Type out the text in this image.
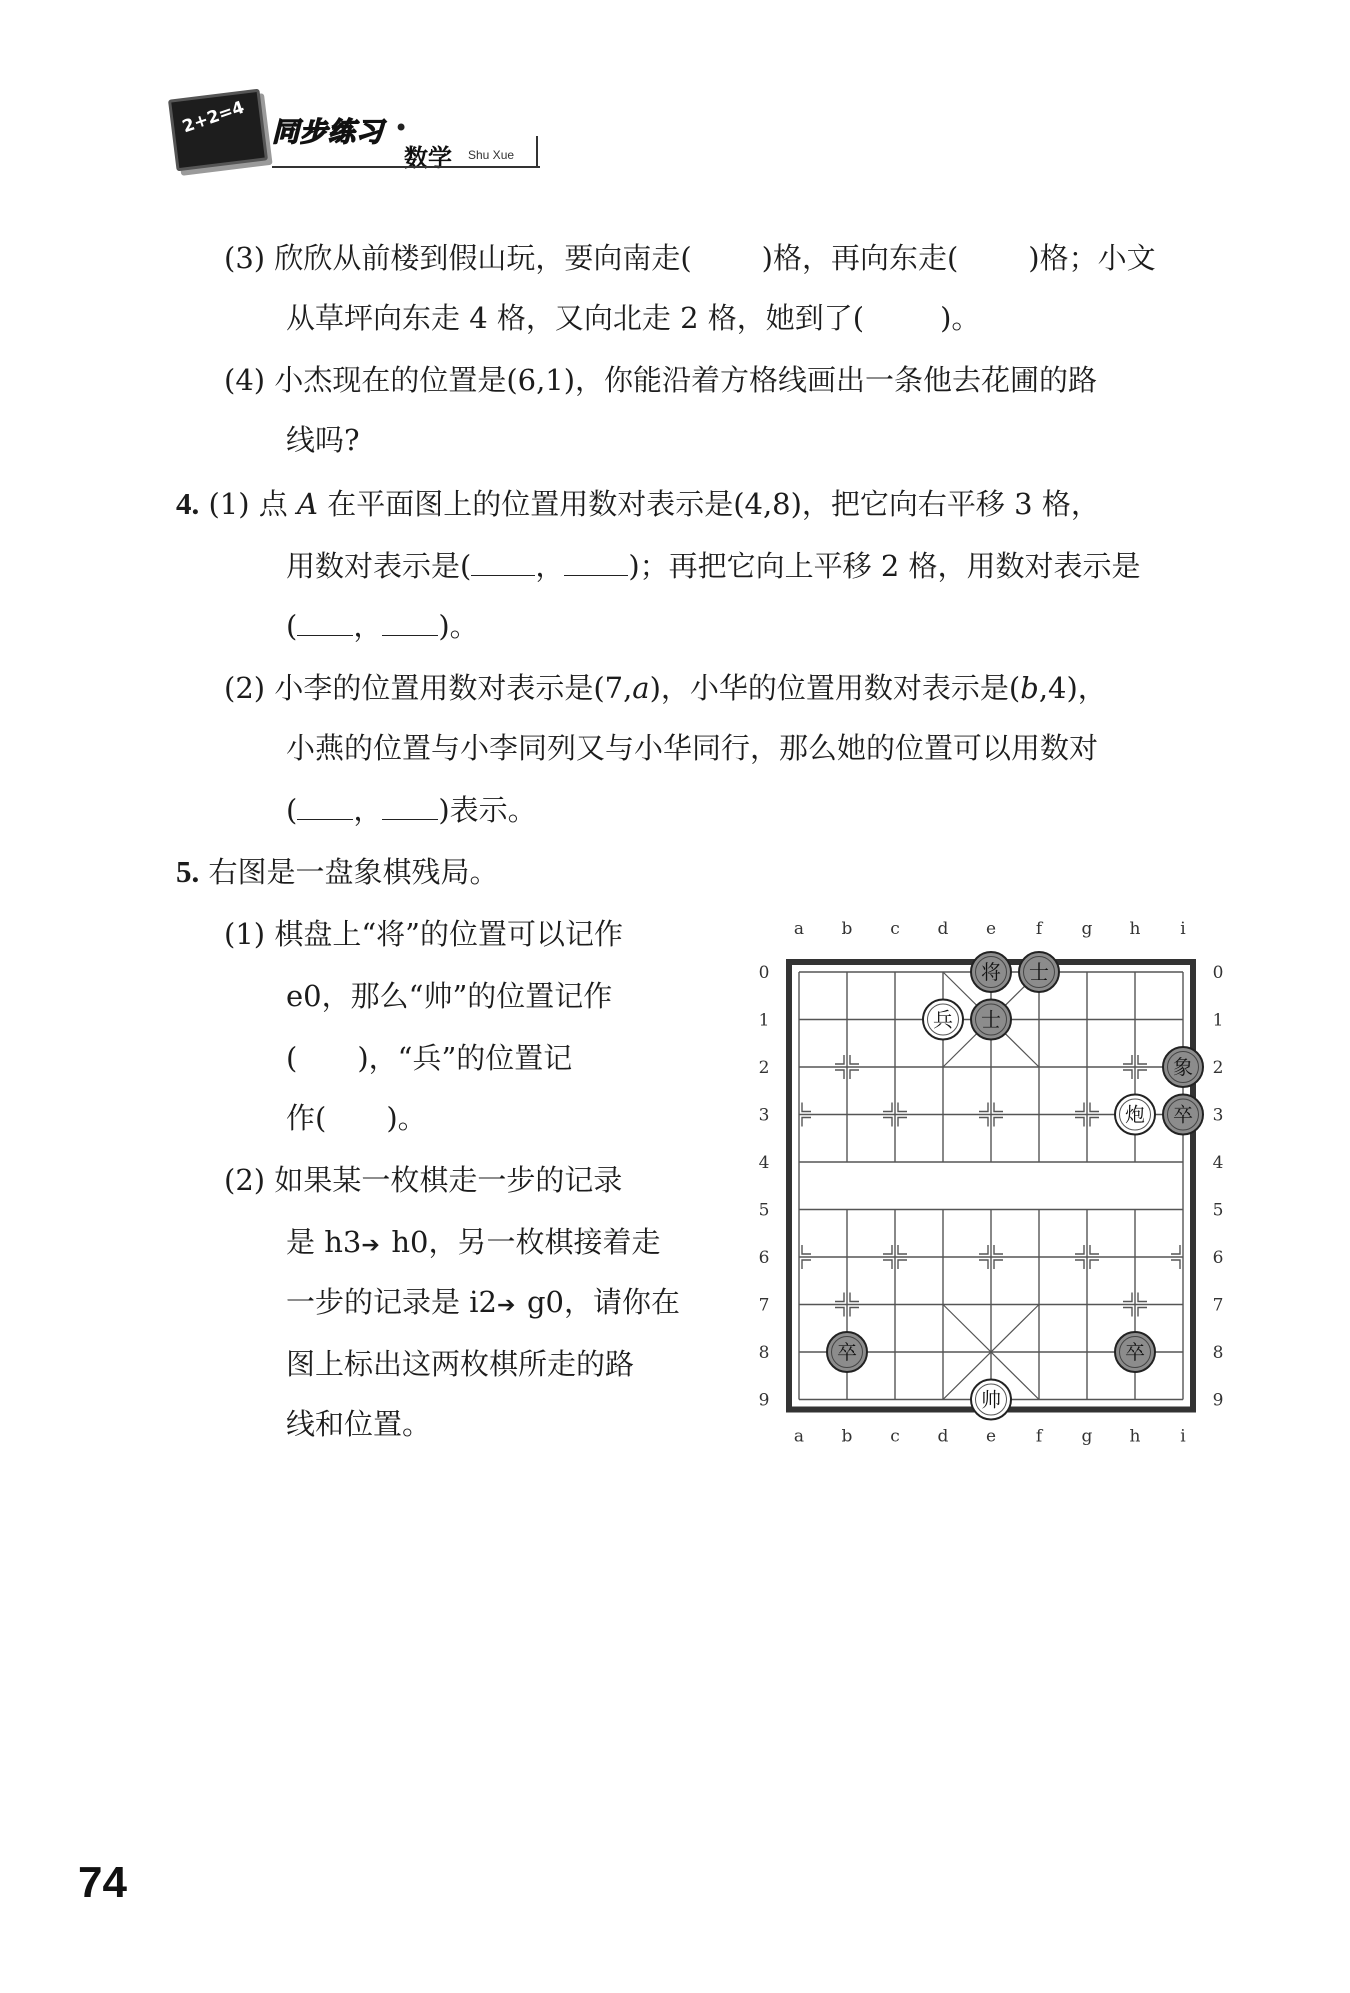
2+2=4 同步练习 •
数学 Shu Xue
(3) 欣欣从前楼到假山玩，要向南走( )格，再向东走( )格；小文
从草坪向东走 4 格，又向北走 2 格，她到了(	)。
(4) 小杰现在的位置是(6,1)，你能沿着方格线画出一条他去花圃的路
线吗?
4. (1) 点 A 在平面图上的位置用数对表示是(4,8)，把它向右平移 3 格，
用数对表示是( ， )；再把它向上平移 2 格，用数对表示是
( ， )。
(2) 小李的位置用数对表示是(7,a)，小华的位置用数对表示是(b,4)，
小燕的位置与小李同列又与小华同行，那么她的位置可以用数对
( ， )表示。
5. 右图是一盘象棋残局。
(1) 棋盘上“将”的位置可以记作
e0，那么“帅”的位置记作
( )，“兵”的位置记
作( )。
(2) 如果某一枚棋走一步的记录
是 h3➔ h0，另一枚棋接着走
一步的记录是 i2➔ g0，请你在
图上标出这两枚棋所走的路
线和位置。
a
a
b
b
c
c
d
d
e
e
f
f
g
g
h
h
i
i
0	0
1	1
2	2
3	3
4	4
5	5
6	6
7	7
8	8
9	9
将 士
兵 士
象
炮 卒
卒	卒
帅
74
